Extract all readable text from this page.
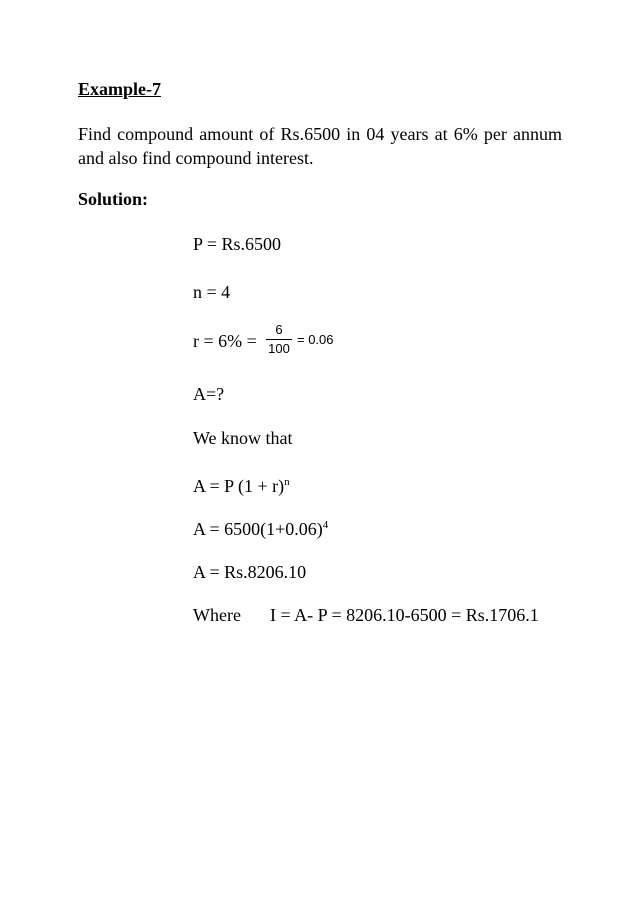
Example-7
Find compound amount of Rs.6500 in 04 years at 6% per annum and also find compound interest.
Solution:
P = Rs.6500
n = 4
r = 6% =
6
100
= 0.06
A=?
We know that
A = P $(1 + r)^n$
$A = 6500(1+0.06)^4$
A = Rs.8206.10
Where I = A- P = 8206.10-6500 = Rs.1706.1
